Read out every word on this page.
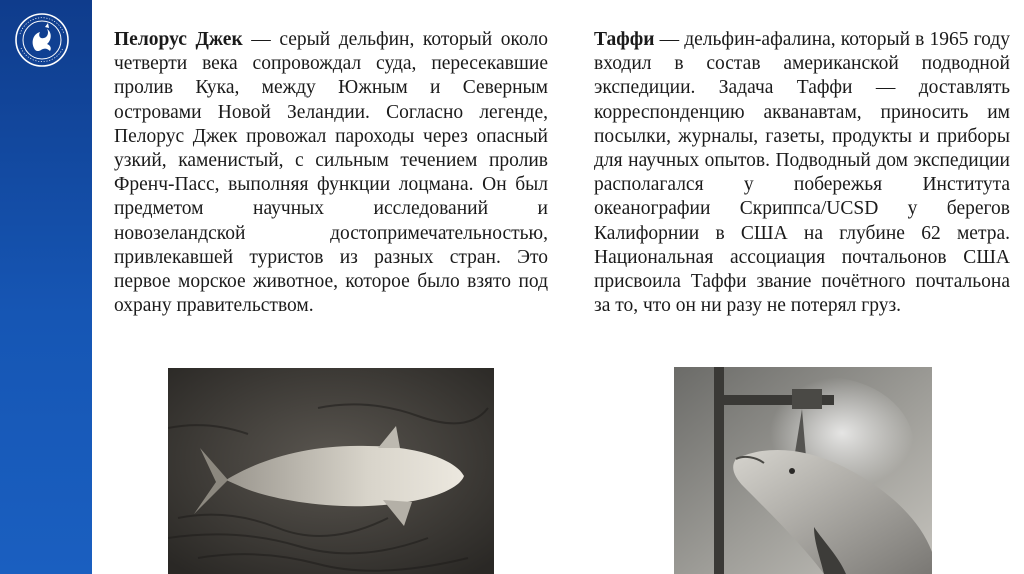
Пелорус Джек — серый дельфин, который около четверти века сопровождал суда, пересекавшие пролив Кука, между Южным и Северным островами Новой Зеландии. Согласно легенде, Пелорус Джек провожал пароходы через опасный узкий, каменистый, с сильным течением пролив Френч-Пасс, выполняя функции лоцмана. Он был предметом научных исследований и новозеландской достопримечательностью, привлекавшей туристов из разных стран. Это первое морское животное, которое было взято под охрану правительством.
Таффи — дельфин-афалина, который в 1965 году входил в состав американской подводной экспедиции. Задача Таффи — доставлять корреспонденцию акванавтам, приносить им посылки, журналы, газеты, продукты и приборы для научных опытов. Подводный дом экспедиции располагался у побережья Института океанографии Скриппса/UCSD у берегов Калифорнии в США на глубине 62 метра. Национальная ассоциация почтальонов США присвоила Таффи звание почётного почтальона за то, что он ни разу не потерял груз.
